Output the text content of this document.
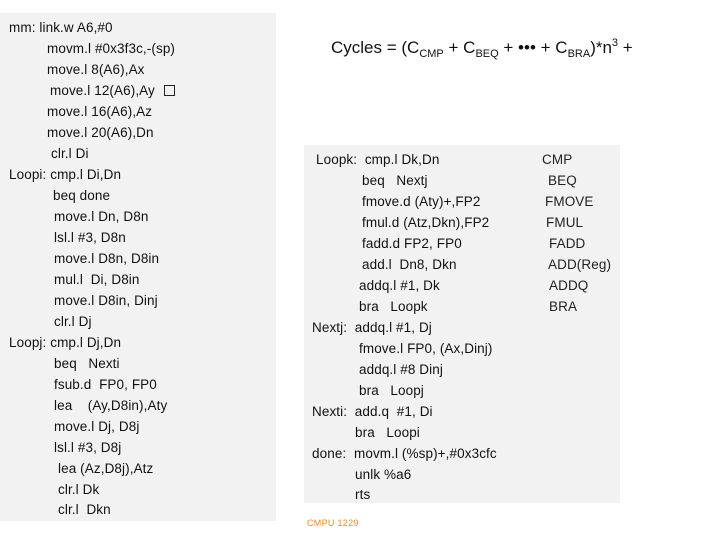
Cycles = ($C_{CMP} + C_{BEQ}$ + ••• + $C_{BRA})*n^3$ +
mm: link.w A6,#0
movm.l #0x3f3c,-(sp)
move.l 8(A6),Ax
move.l 12(A6),Ay
move.l 16(A6),Az
move.l 20(A6),Dn
clr.l Di
Loopi: cmp.l Di,Dn
beq done
move.l Dn, D8n
lsl.l #3, D8n
move.l D8n, D8in
mul.l  Di, D8in
move.l D8in, Dinj
clr.l Dj
Loopj: cmp.l Dj,Dn
beq   Nexti
fsub.d  FP0, FP0
lea    (Ay,D8in),Aty
move.l Dj, D8j
lsl.l #3, D8j
lea (Az,D8j),Atz
clr.l Dk
clr.l  Dkn
Loopk:  cmp.l Dk,Dn
beq   Nextj
fmove.d (Aty)+,FP2
fmul.d (Atz,Dkn),FP2
fadd.d FP2, FP0
add.l  Dn8, Dkn
addq.l #1, Dk
bra   Loopk
Nextj:  addq.l #1, Dj
fmove.l FP0, (Ax,Dinj)
addq.l #8 Dinj
bra   Loopj
Nexti:  add.q  #1, Di
bra   Loopi
done:  movm.l (%sp)+,#0x3cfc
unlk %a6
rts
CMP
BEQ
FMOVE
FMUL
FADD
ADD(Reg)
ADDQ
BRA
CMPU 1229
